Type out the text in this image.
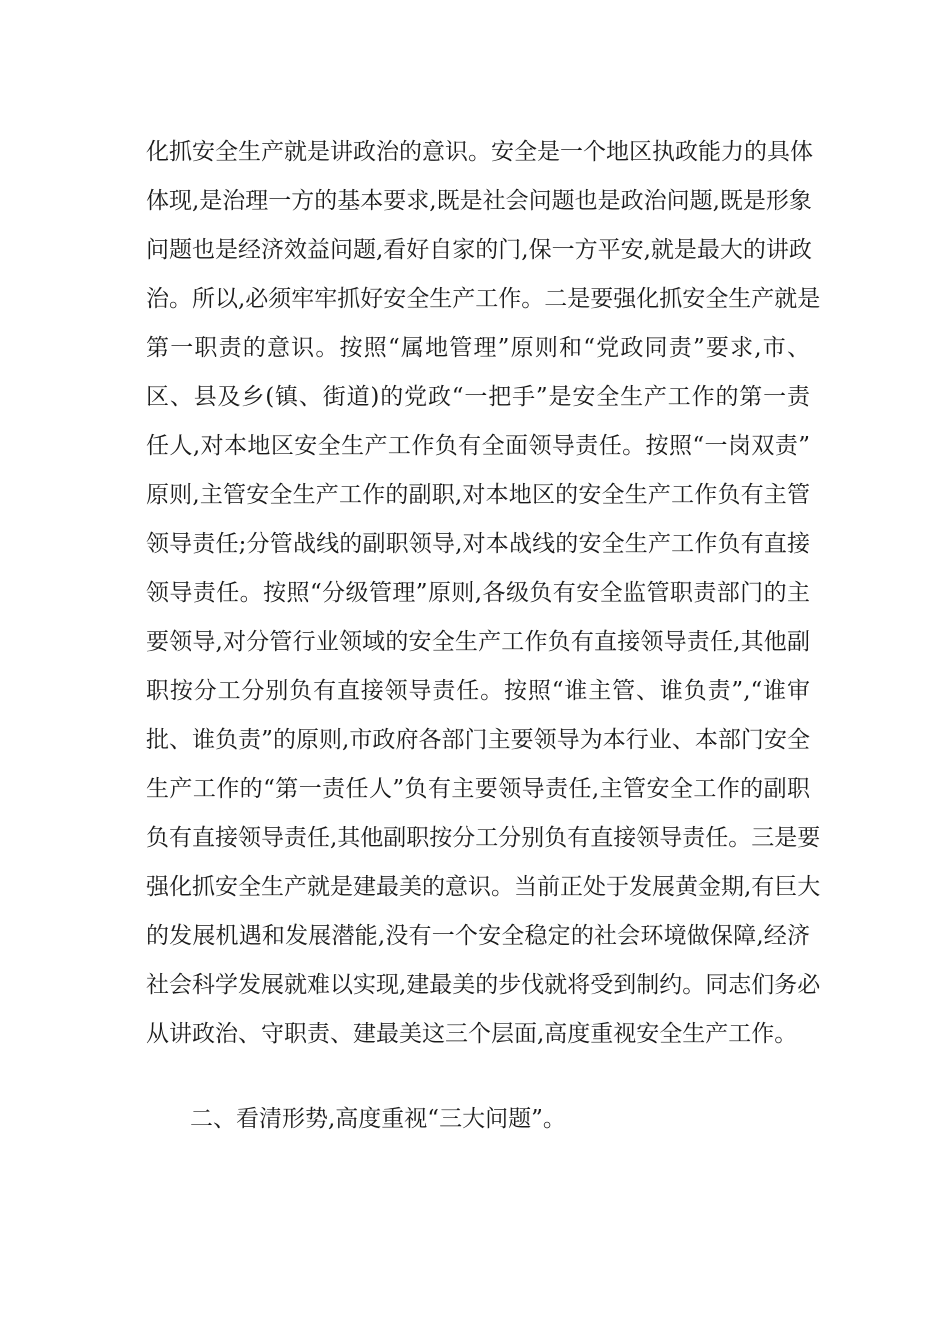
化抓安全生产就是讲政治的意识。安全是一个地区执政能力的具体
体现,是治理一方的基本要求,既是社会问题也是政治问题,既是形象
问题也是经济效益问题,看好自家的门,保一方平安,就是最大的讲政
治。所以,必须牢牢抓好安全生产工作。二是要强化抓安全生产就是
第一职责的意识。按照“属地管理”原则和“党政同责”要求,市、
区、县及乡(镇、街道)的党政“一把手”是安全生产工作的第一责
任人,对本地区安全生产工作负有全面领导责任。按照“一岗双责”
原则,主管安全生产工作的副职,对本地区的安全生产工作负有主管
领导责任;分管战线的副职领导,对本战线的安全生产工作负有直接
领导责任。按照“分级管理”原则,各级负有安全监管职责部门的主
要领导,对分管行业领域的安全生产工作负有直接领导责任,其他副
职按分工分别负有直接领导责任。按照“谁主管、谁负责”,“谁审
批、谁负责”的原则,市政府各部门主要领导为本行业、本部门安全
生产工作的“第一责任人”负有主要领导责任,主管安全工作的副职
负有直接领导责任,其他副职按分工分别负有直接领导责任。三是要
强化抓安全生产就是建最美的意识。当前正处于发展黄金期,有巨大
的发展机遇和发展潜能,没有一个安全稳定的社会环境做保障,经济
社会科学发展就难以实现,建最美的步伐就将受到制约。同志们务必
从讲政治、守职责、建最美这三个层面,高度重视安全生产工作。
二、看清形势,高度重视“三大问题”。
